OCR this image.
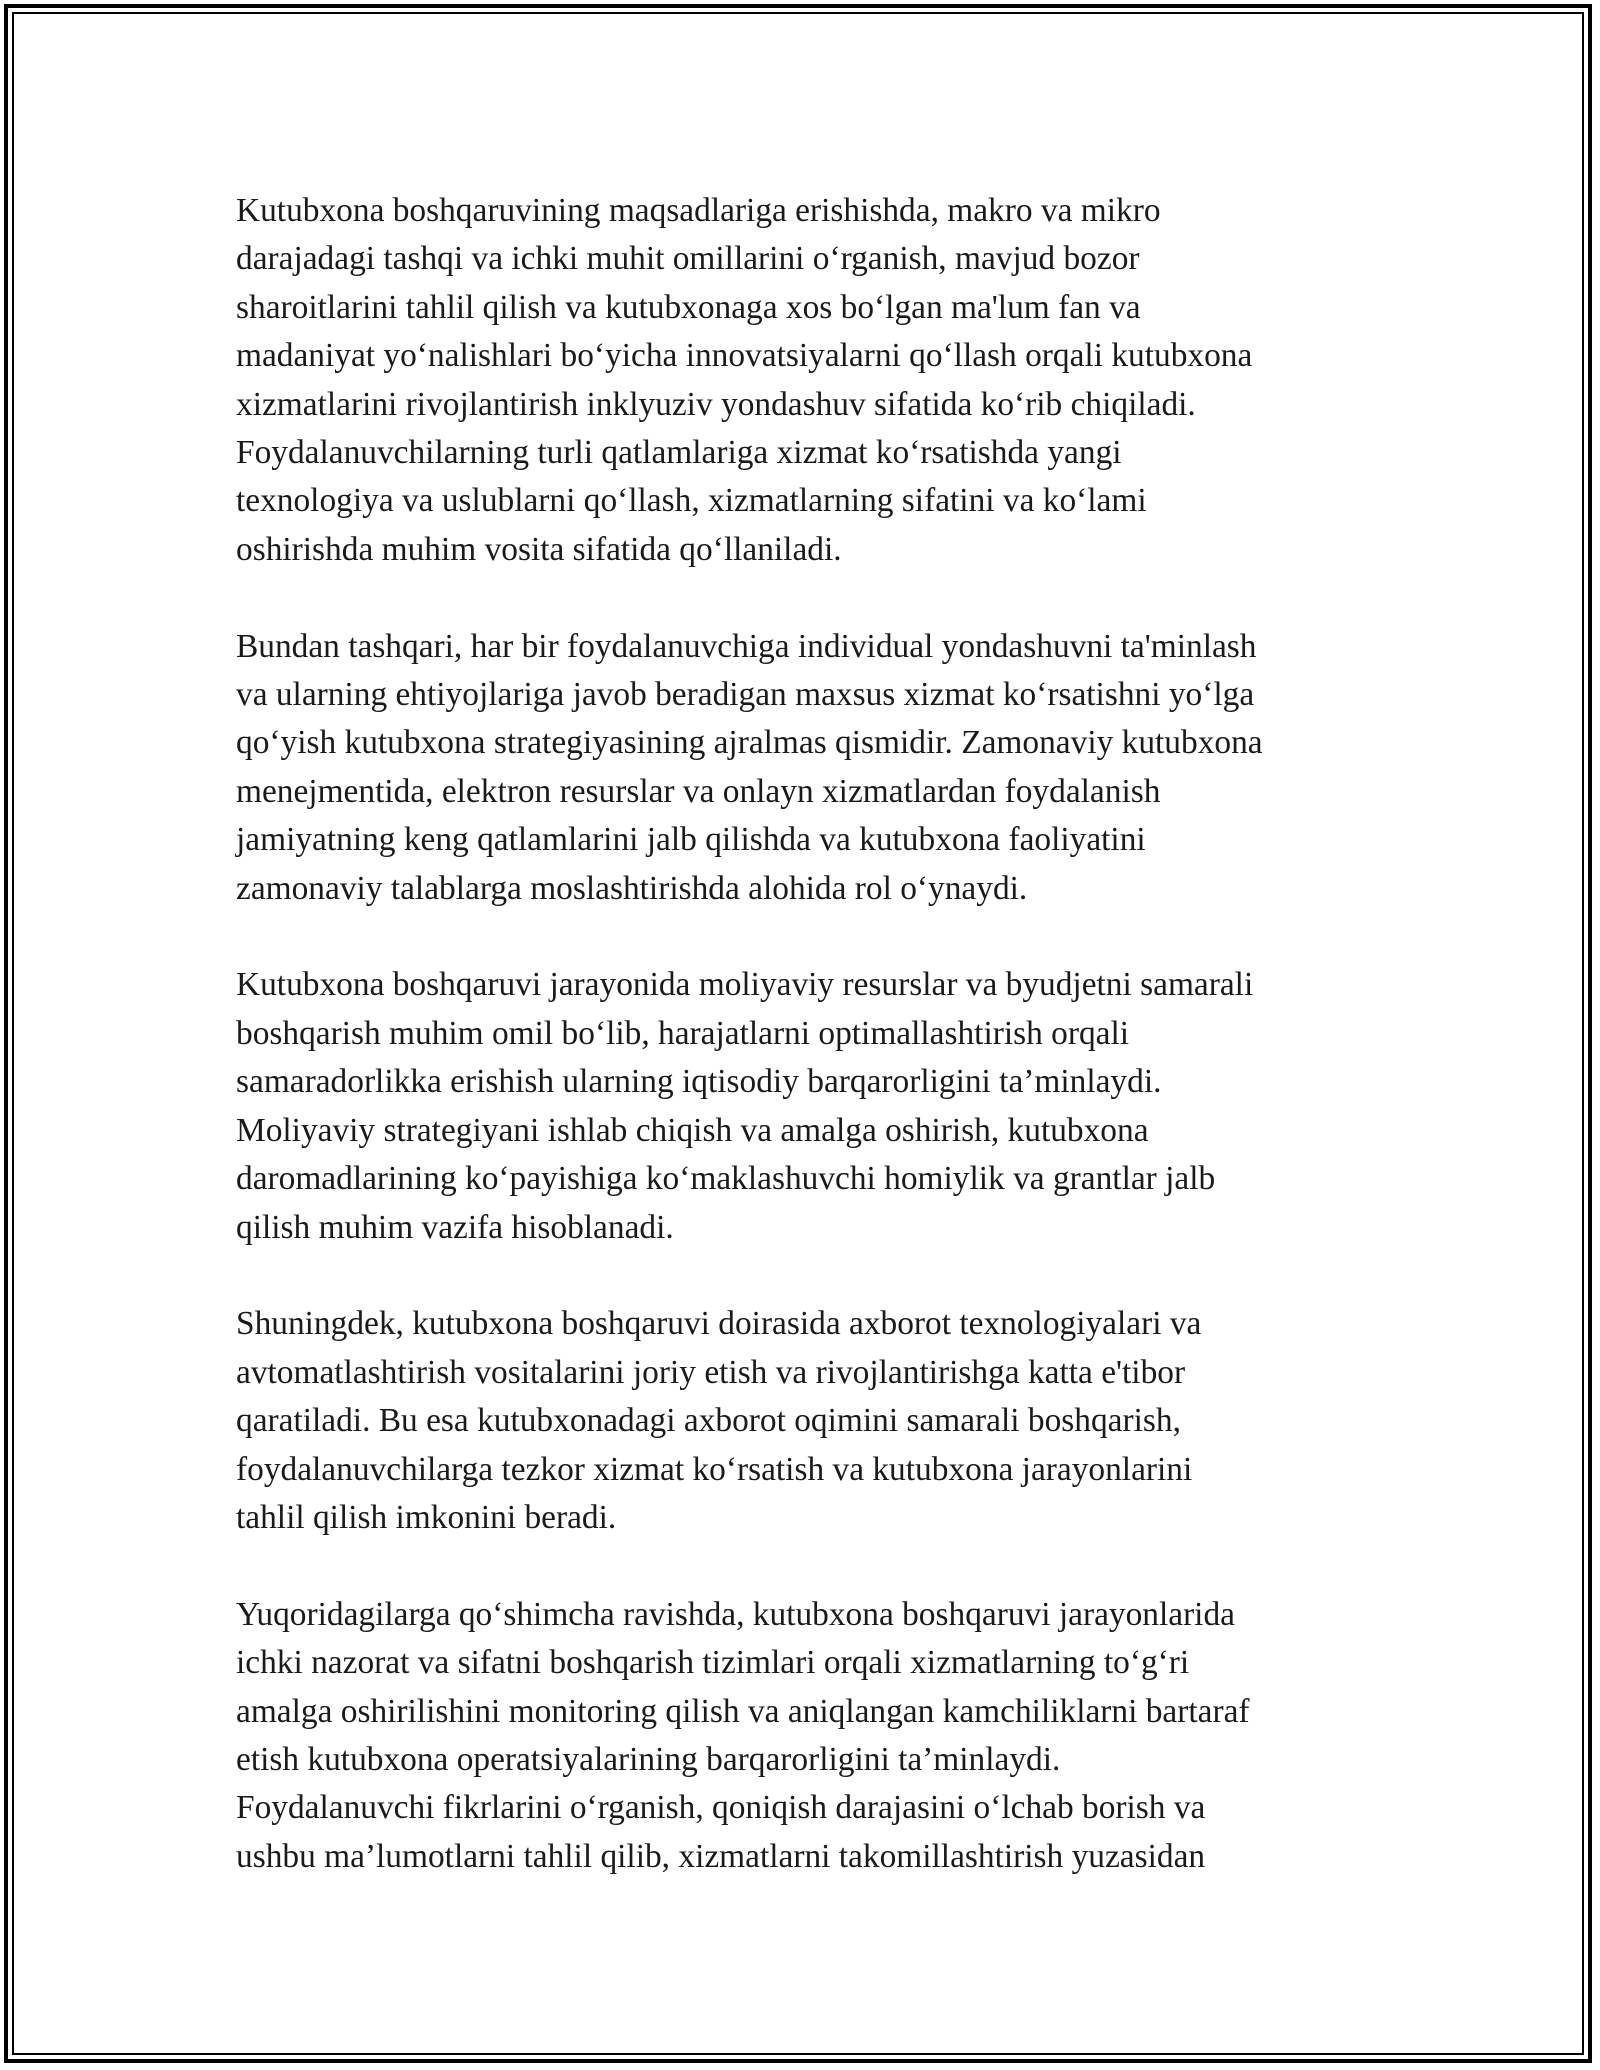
Kutubxona boshqaruvining maqsadlariga erishishda, makro va mikro
darajadagi tashqi va ichki muhit omillarini o‘rganish, mavjud bozor
sharoitlarini tahlil qilish va kutubxonaga xos bo‘lgan ma'lum fan va
madaniyat yo‘nalishlari bo‘yicha innovatsiyalarni qo‘llash orqali kutubxona
xizmatlarini rivojlantirish inklyuziv yondashuv sifatida ko‘rib chiqiladi.
Foydalanuvchilarning turli qatlamlariga xizmat ko‘rsatishda yangi
texnologiya va uslublarni qo‘llash, xizmatlarning sifatini va ko‘lami
oshirishda muhim vosita sifatida qo‘llaniladi.

Bundan tashqari, har bir foydalanuvchiga individual yondashuvni ta'minlash
va ularning ehtiyojlariga javob beradigan maxsus xizmat ko‘rsatishni yo‘lga
qo‘yish kutubxona strategiyasining ajralmas qismidir. Zamonaviy kutubxona
menejmentida, elektron resurslar va onlayn xizmatlardan foydalanish
jamiyatning keng qatlamlarini jalb qilishda va kutubxona faoliyatini
zamonaviy talablarga moslashtirishda alohida rol o‘ynaydi.

Kutubxona boshqaruvi jarayonida moliyaviy resurslar va byudjetni samarali
boshqarish muhim omil bo‘lib, harajatlarni optimallashtirish orqali
samaradorlikka erishish ularning iqtisodiy barqarorligini ta’minlaydi.
Moliyaviy strategiyani ishlab chiqish va amalga oshirish, kutubxona
daromadlarining ko‘payishiga ko‘maklashuvchi homiylik va grantlar jalb
qilish muhim vazifa hisoblanadi.

Shuningdek, kutubxona boshqaruvi doirasida axborot texnologiyalari va
avtomatlashtirish vositalarini joriy etish va rivojlantirishga katta e'tibor
qaratiladi. Bu esa kutubxonadagi axborot oqimini samarali boshqarish,
foydalanuvchilarga tezkor xizmat ko‘rsatish va kutubxona jarayonlarini
tahlil qilish imkonini beradi.

Yuqoridagilarga qo‘shimcha ravishda, kutubxona boshqaruvi jarayonlarida
ichki nazorat va sifatni boshqarish tizimlari orqali xizmatlarning to‘g‘ri
amalga oshirilishini monitoring qilish va aniqlangan kamchiliklarni bartaraf
etish kutubxona operatsiyalarining barqarorligini ta’minlaydi.
Foydalanuvchi fikrlarini o‘rganish, qoniqish darajasini o‘lchab borish va
ushbu ma’lumotlarni tahlil qilib, xizmatlarni takomillashtirish yuzasidan
